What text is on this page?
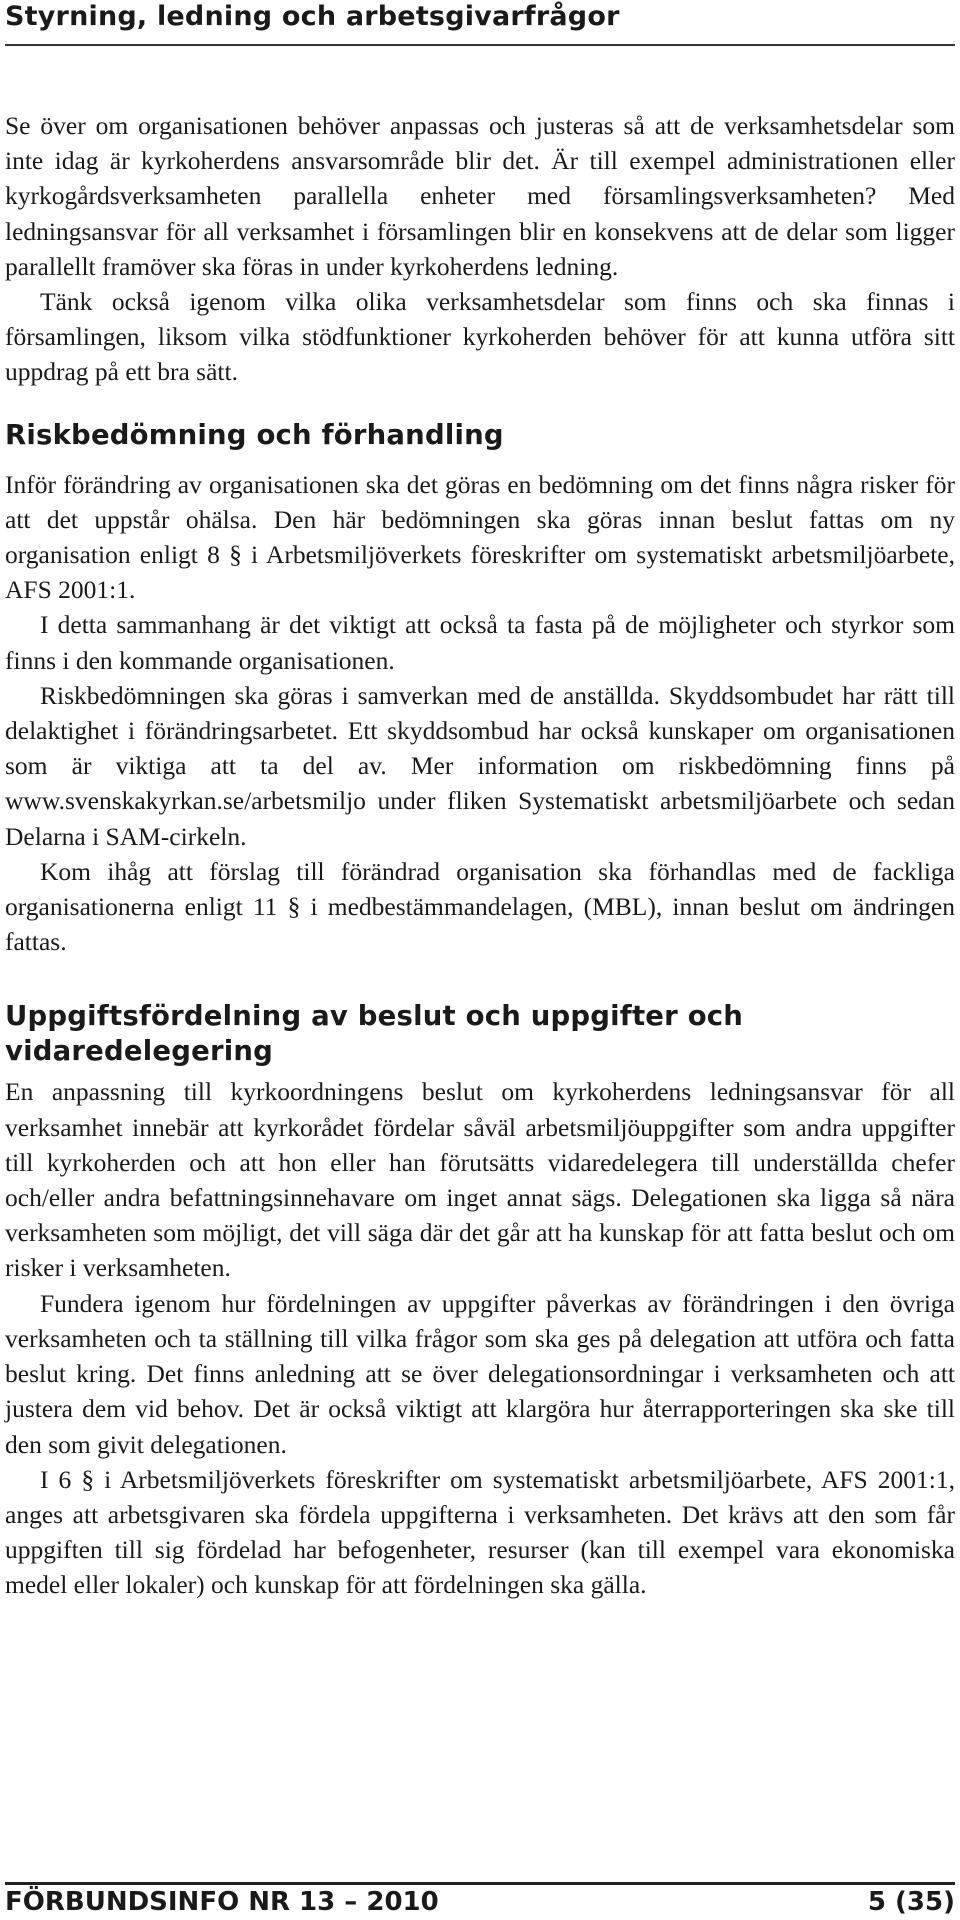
Styrning, ledning och arbetsgivarfrågor

Se över om organisationen behöver anpassas och justeras så att de verksamhetsdelar som inte idag är kyrkoherdens ansvarsområde blir det. Är till exempel administrationen eller kyrkogårdsverksamheten parallella enheter med församlingsverksamheten? Med ledningsansvar för all verksamhet i församlingen blir en konsekvens att de delar som ligger parallellt framöver ska föras in under kyrkoherdens ledning.

Tänk också igenom vilka olika verksamhetsdelar som finns och ska finnas i församlingen, liksom vilka stödfunktioner kyrkoherden behöver för att kunna utföra sitt uppdrag på ett bra sätt.

Riskbedömning och förhandling

Inför förändring av organisationen ska det göras en bedömning om det finns några risker för att det uppstår ohälsa. Den här bedömningen ska göras innan beslut fattas om ny organisation enligt 8 § i Arbetsmiljöverkets föreskrifter om systematiskt arbetsmiljöarbete, AFS 2001:1.

I detta sammanhang är det viktigt att också ta fasta på de möjligheter och styrkor som finns i den kommande organisationen.

Riskbedömningen ska göras i samverkan med de anställda. Skyddsombudet har rätt till delaktighet i förändringsarbetet. Ett skyddsombud har också kunskaper om organisationen som är viktiga att ta del av. Mer information om riskbedömning finns på www.svenskakyrkan.se/arbetsmiljo under fliken Systematiskt arbetsmiljöarbete och sedan Delarna i SAM-cirkeln.

Kom ihåg att förslag till förändrad organisation ska förhandlas med de fackliga organisationerna enligt 11 § i medbestämmandelagen, (MBL), innan beslut om ändringen fattas.

Uppgiftsfördelning av beslut och uppgifter och
vidaredelegering

En anpassning till kyrkoordningens beslut om kyrkoherdens ledningsansvar för all verksamhet innebär att kyrkorådet fördelar såväl arbetsmiljöuppgifter som andra uppgifter till kyrkoherden och att hon eller han förutsätts vidaredelegera till underställda chefer och/eller andra befattningsinnehavare om inget annat sägs. Delegationen ska ligga så nära verksamheten som möjligt, det vill säga där det går att ha kunskap för att fatta beslut och om risker i verksamheten.

Fundera igenom hur fördelningen av uppgifter påverkas av förändringen i den övriga verksamheten och ta ställning till vilka frågor som ska ges på delegation att utföra och fatta beslut kring. Det finns anledning att se över delegationsordningar i verksamheten och att justera dem vid behov. Det är också viktigt att klargöra hur återrapporteringen ska ske till den som givit delegationen.

I 6 § i Arbetsmiljöverkets föreskrifter om systematiskt arbetsmiljöarbete, AFS 2001:1, anges att arbetsgivaren ska fördela uppgifterna i verksamheten. Det krävs att den som får uppgiften till sig fördelad har befogenheter, resurser (kan till exempel vara ekonomiska medel eller lokaler) och kunskap för att fördelningen ska gälla.

FÖRBUNDSINFO NR 13 – 2010	5 (35)
